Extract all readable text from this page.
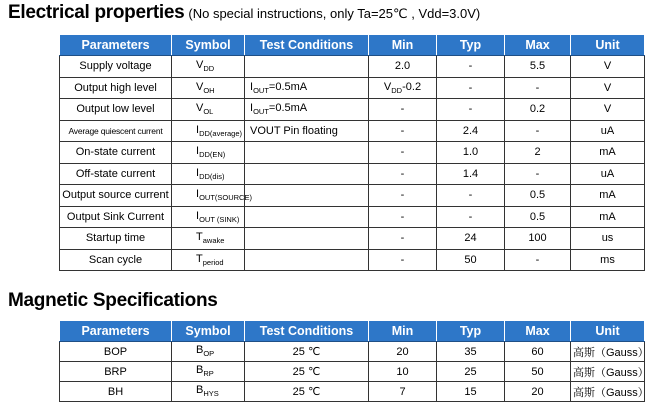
Electrical properties (No special instructions, only Ta=25℃ , Vdd=3.0V)
Parameters	Symbol	Test Conditions	Min	Typ	Max	Unit
Supply voltage	$V_{DD}$		2.0	-	5.5	V
Output high level	$V_{OH}$	$I_{OUT}=0.5mA$	$V_{DD}-0.2$	-	-	V
Output low level	$V_{OL}$	$I_{OUT}=0.5mA$	-	-	0.2	V
Average quiescent current	$I_{DD(average)}$	VOUT Pin floating	-	2.4	-	uA
On-state current	$I_{DD(EN)}$		-	1.0	2	mA
Off-state current	$I_{DD(dis)}$		-	1.4	-	uA
Output source current	$I_{OUT(SOURCE)}$		-	-	0.5	mA
Output Sink Current	$I_{OUT (SINK)}$		-	-	0.5	mA
Startup time	$T_{awake}$		-	24	100	us
Scan cycle	$T_{period}$		-	50	-	ms
Magnetic Specifications
Parameters	Symbol	Test Conditions	Min	Typ	Max	Unit
BOP	$B_{OP}$	25 ℃	20	35	60	高斯（Gauss）
BRP	$B_{RP}$	25 ℃	10	25	50	高斯（Gauss）
BH	$B_{HYS}$	25 ℃	7	15	20	高斯（Gauss）
